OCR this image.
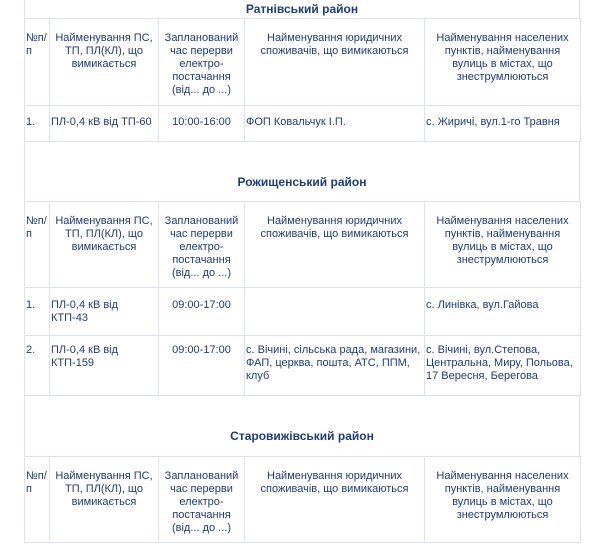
Ратнівський район
№п/п	Найменування ПС, ТП, ПЛ(КЛ), що вимикається	Запланований час перерви електро-постачання (від... до ...)	Найменування юридичних споживачів, що вимикаються	Найменування населених пунктів, найменування вулиць в містах, що знеструмлюються
1.	ПЛ-0,4 кВ від ТП-60	10:00-16:00	ФОП Ковальчук І.П.	с. Жиричі, вул.1-го Травня
Рожищенський район
№п/п	Найменування ПС, ТП, ПЛ(КЛ), що вимикається	Запланований час перерви електро-постачання (від... до ...)	Найменування юридичних споживачів, що вимикаються	Найменування населених пунктів, найменування вулиць в містах, що знеструмлюються
1.	ПЛ-0,4 кВ від КТП-43	09:00-17:00		с. Линівка, вул.Гайова
2.	ПЛ-0,4 кВ від КТП-159	09:00-17:00	с. Вічині, сільська рада, магазини, ФАП, церква, пошта, АТС, ППМ, клуб	с. Вічині, вул.Степова, Центральна, Миру, Польова, 17 Вересня, Берегова
Старовижівський район
№п/п	Найменування ПС, ТП, ПЛ(КЛ), що вимикається	Запланований час перерви електро-постачання (від... до ...)	Найменування юридичних споживачів, що вимикаються	Найменування населених пунктів, найменування вулиць в містах, що знеструмлюються
